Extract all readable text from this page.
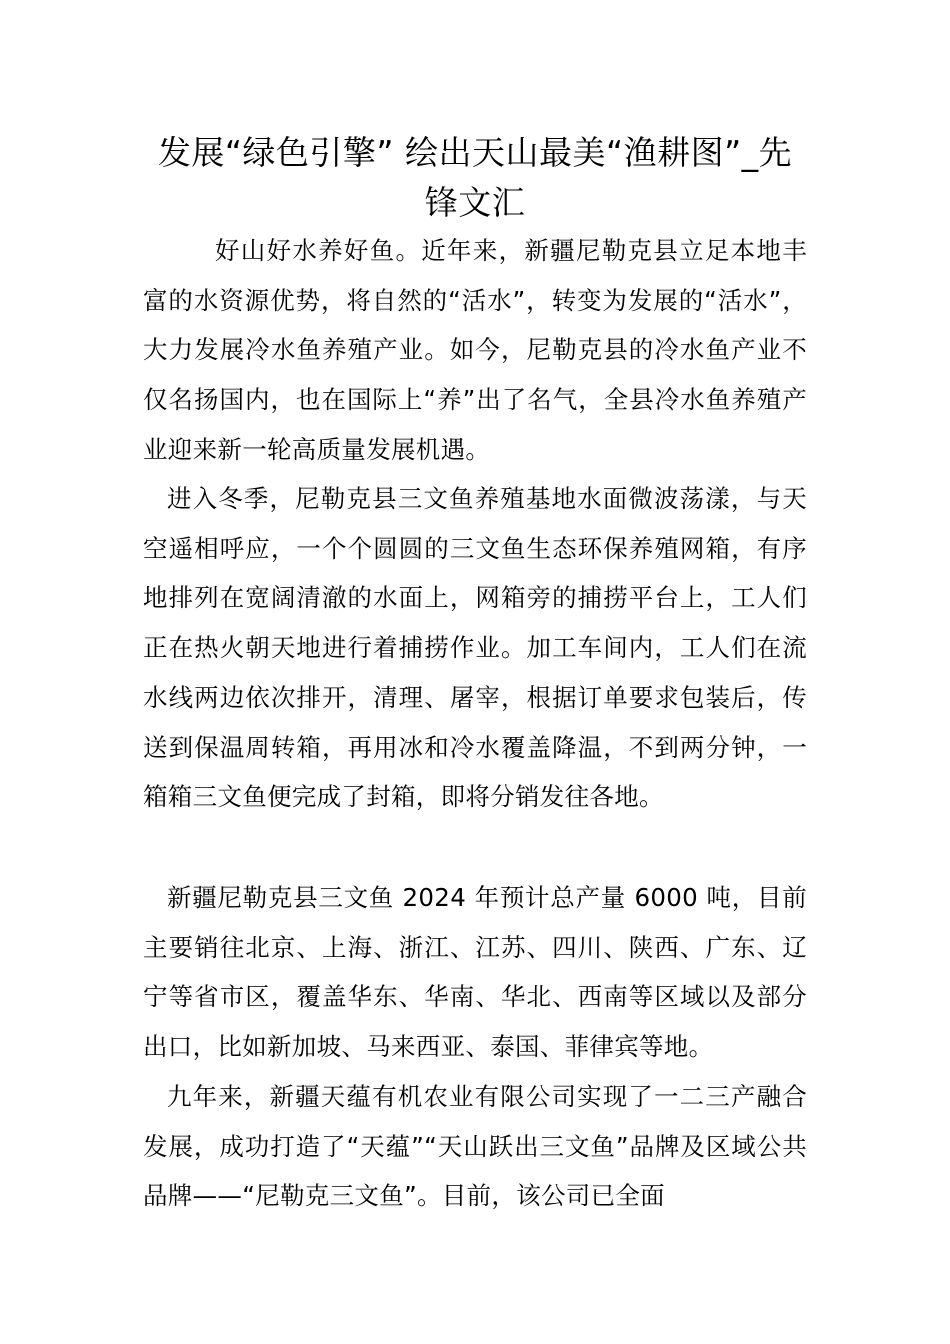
发展“绿色引擎” 绘出天山最美“渔耕图”_先锋文汇

好山好水养好鱼。近年来，新疆尼勒克县立足本地丰富的水资源优势，将自然的“活水”，转变为发展的“活水”，大力发展冷水鱼养殖产业。如今，尼勒克县的冷水鱼产业不仅名扬国内，也在国际上“养”出了名气，全县冷水鱼养殖产业迎来新一轮高质量发展机遇。

进入冬季，尼勒克县三文鱼养殖基地水面微波荡漾，与天空遥相呼应，一个个圆圆的三文鱼生态环保养殖网箱，有序地排列在宽阔清澈的水面上，网箱旁的捕捞平台上，工人们正在热火朝天地进行着捕捞作业。加工车间内，工人们在流水线两边依次排开，清理、屠宰，根据订单要求包装后，传送到保温周转箱，再用冰和冷水覆盖降温，不到两分钟，一箱箱三文鱼便完成了封箱，即将分销发往各地。

新疆尼勒克县三文鱼 2024 年预计总产量 6000 吨，目前主要销往北京、上海、浙江、江苏、四川、陕西、广东、辽宁等省市区，覆盖华东、华南、华北、西南等区域以及部分出口，比如新加坡、马来西亚、泰国、菲律宾等地。

九年来，新疆天蕴有机农业有限公司实现了一二三产融合发展，成功打造了“天蕴”“天山跃出三文鱼”品牌及区域公共品牌——“尼勒克三文鱼”。目前，该公司已全面
